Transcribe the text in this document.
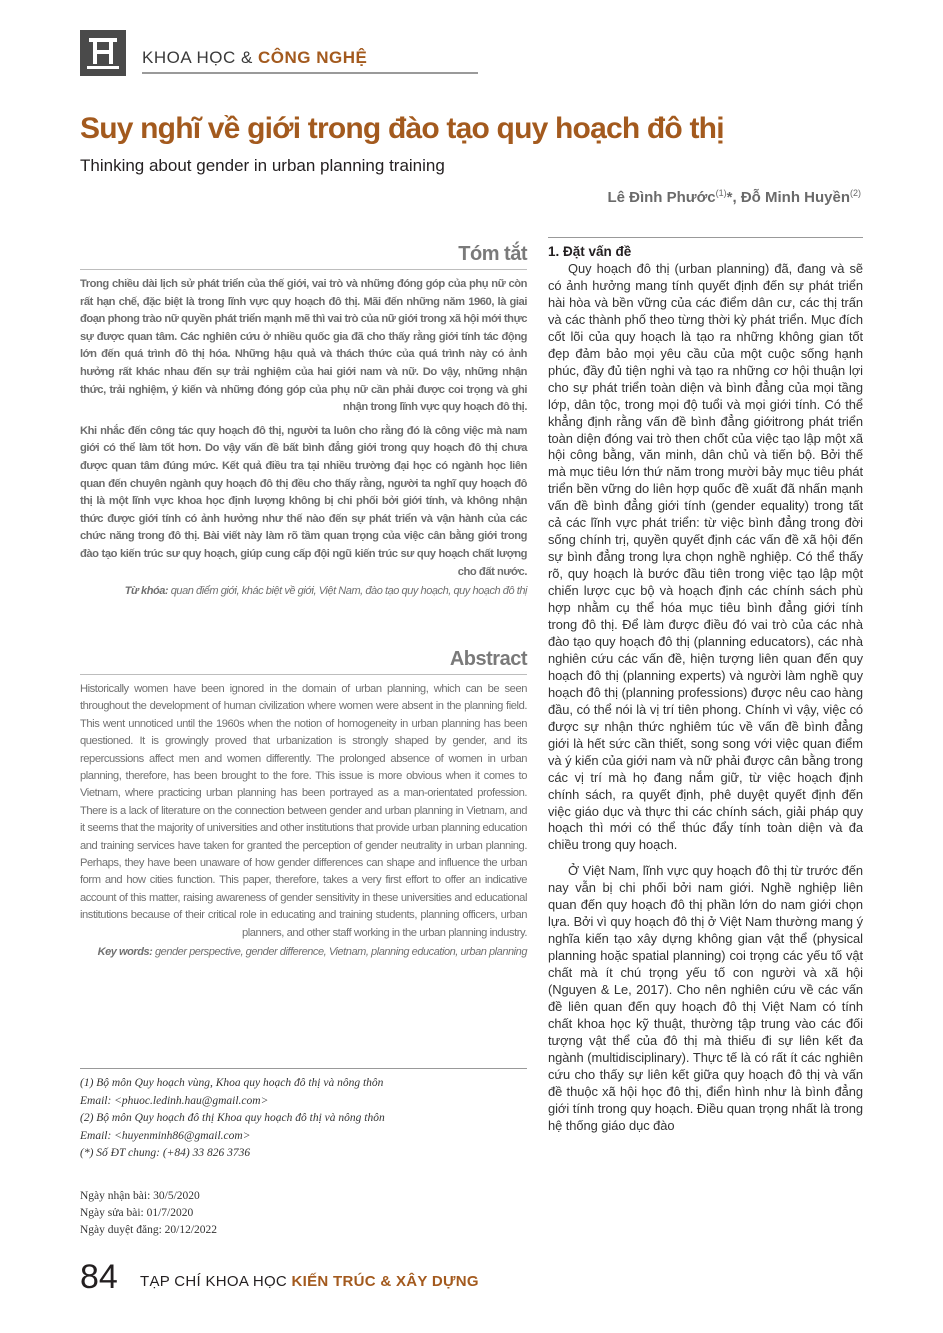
KHOA HỌC & CÔNG NGHỆ
Suy nghĩ về giới trong đào tạo quy hoạch đô thị
Thinking about gender in urban planning training
Lê Đình Phước$^{(1)}$*, Đỗ Minh Huyền$^{(2)}$
Tóm tắt

Trong chiều dài lịch sử phát triển của thế giới, vai trò và những đóng góp của phụ nữ còn rất hạn chế, đặc biệt là trong lĩnh vực quy hoạch đô thị. Mãi đến những năm 1960, là giai đoạn phong trào nữ quyền phát triển mạnh mẽ thì vai trò của nữ giới trong xã hội mới thực sự được quan tâm. Các nghiên cứu ở nhiều quốc gia đã cho thấy rằng giới tính tác động lớn đến quá trình đô thị hóa. Những hậu quả và thách thức của quá trình này có ảnh hưởng rất khác nhau đến sự trải nghiệm của hai giới nam và nữ. Do vậy, những nhận thức, trải nghiệm, ý kiến và những đóng góp của phụ nữ cần phải được coi trọng và ghi nhận trong lĩnh vực quy hoạch đô thị.

Khi nhắc đến công tác quy hoạch đô thị, người ta luôn cho rằng đó là công việc mà nam giới có thể làm tốt hơn. Do vậy vấn đề bất bình đẳng giới trong quy hoạch đô thị chưa được quan tâm đúng mức. Kết quả điều tra tại nhiều trường đại học có ngành học liên quan đến chuyên ngành quy hoạch đô thị đều cho thấy rằng, người ta nghĩ quy hoạch đô thị là một lĩnh vực khoa học định lượng không bị chi phối bởi giới tính, và không nhận thức được giới tính có ảnh hưởng như thế nào đến sự phát triển và vận hành của các chức năng trong đô thị. Bài viết này làm rõ tầm quan trọng của việc cân bằng giới trong đào tạo kiến trúc sư quy hoạch, giúp cung cấp đội ngũ kiến trúc sư quy hoạch chất lượng cho đất nước.

Từ khóa: quan điểm giới, khác biệt về giới, Việt Nam, đào tạo quy hoạch, quy hoạch đô thị

Abstract

Historically women have been ignored in the domain of urban planning, which can be seen throughout the development of human civilization where women were absent in the planning field. This went unnoticed until the 1960s when the notion of homogeneity in urban planning has been questioned. It is growingly proved that urbanization is strongly shaped by gender, and its repercussions affect men and women differently. The prolonged absence of women in urban planning, therefore, has been brought to the fore. This issue is more obvious when it comes to Vietnam, where practicing urban planning has been portrayed as a man-orientated profession. There is a lack of literature on the connection between gender and urban planning in Vietnam, and it seems that the majority of universities and other institutions that provide urban planning education and training services have taken for granted the perception of gender neutrality in urban planning. Perhaps, they have been unaware of how gender differences can shape and influence the urban form and how cities function. This paper, therefore, takes a very first effort to offer an indicative account of this matter, raising awareness of gender sensitivity in these universities and educational institutions because of their critical role in educating and training students, planning officers, urban planners, and other staff working in the urban planning industry.

Key words: gender perspective, gender difference, Vietnam, planning education, urban planning

(1) Bộ môn Quy hoạch vùng, Khoa quy hoạch đô thị và nông thôn
Email: <phuoc.ledinh.hau@gmail.com>
(2) Bộ môn Quy hoạch đô thị Khoa quy hoạch đô thị và nông thôn
Email: <huyenminh86@gmail.com>
(*) Số ĐT chung: (+84) 33 826 3736
Ngày nhận bài: 30/5/2020
Ngày sửa bài: 01/7/2020
Ngày duyệt đăng: 20/12/2022
1. Đặt vấn đề

Quy hoạch đô thị (urban planning) đã, đang và sẽ có ảnh hưởng mang tính quyết định đến sự phát triển hài hòa và bền vững của các điểm dân cư, các thị trấn và các thành phố theo từng thời kỳ phát triển. Mục đích cốt lõi của quy hoạch là tạo ra những không gian tốt đẹp đảm bảo mọi yêu cầu của một cuộc sống hạnh phúc, đầy đủ tiện nghi và tạo ra những cơ hội thuận lợi cho sự phát triển toàn diện và bình đẳng của mọi tầng lớp, dân tộc, trong mọi độ tuổi và mọi giới tính. Có thể khẳng định rằng vấn đề bình đẳng giớitrong phát triển toàn diện đóng vai trò then chốt của việc tạo lập một xã hội công bằng, văn minh, dân chủ và tiến bộ. Bởi thế mà mục tiêu lớn thứ năm trong mười bảy mục tiêu phát triển bền vững do liên hợp quốc đề xuất đã nhấn mạnh vấn đề bình đẳng giới tính (gender equality) trong tất cả các lĩnh vực phát triển: từ việc bình đẳng trong đời sống chính trị, quyền quyết định các vấn đề xã hội đến sự bình đẳng trong lựa chọn nghề nghiệp. Có thể thấy rõ, quy hoạch là bước đầu tiên trong việc tạo lập một chiến lược cục bộ và hoạch định các chính sách phù hợp nhằm cụ thể hóa mục tiêu bình đẳng giới tính trong đô thị. Để làm được điều đó vai trò của các nhà đào tạo quy hoạch đô thị (planning educators), các nhà nghiên cứu các vấn đề, hiện tượng liên quan đến quy hoạch đô thị (planning experts) và người làm nghề quy hoạch đô thị (planning professions) được nêu cao hàng đầu, có thể nói là vị trí tiên phong. Chính vì vậy, việc có được sự nhận thức nghiêm túc về vấn đề bình đẳng giới là hết sức cần thiết, song song với việc quan điểm và ý kiến của giới nam và nữ phải được cân bằng trong các vị trí mà họ đang nắm giữ, từ việc hoạch định chính sách, ra quyết định, phê duyệt quyết định đến việc giáo dục và thực thi các chính sách, giải pháp quy hoạch thì mới có thể thúc đẩy tính toàn diện và đa chiều trong quy hoạch.

Ở Việt Nam, lĩnh vực quy hoạch đô thị từ trước đến nay vẫn bị chi phối bởi nam giới. Nghề nghiệp liên quan đến quy hoạch đô thị phần lớn do nam giới chọn lựa. Bởi vì quy hoạch đô thị ở Việt Nam thường mang ý nghĩa kiến tạo xây dựng không gian vật thể (physical planning hoặc spatial planning) coi trọng các yếu tố vật chất mà ít chú trọng yếu tố con người và xã hội (Nguyen & Le, 2017). Cho nên nghiên cứu về các vấn đề liên quan đến quy hoạch đô thị Việt Nam có tính chất khoa học kỹ thuật, thường tập trung vào các đối tượng vật thể của đô thị mà thiếu đi sự liên kết đa ngành (multidisciplinary). Thực tế là có rất ít các nghiên cứu cho thấy sự liên kết giữa quy hoạch đô thị và vấn đề thuộc xã hội học đô thị, điển hình như là bình đẳng giới tính trong quy hoạch. Điều quan trọng nhất là trong hệ thống giáo dục đào

84 TẠP CHÍ KHOA HỌC KIẾN TRÚC & XÂY DỰNG
